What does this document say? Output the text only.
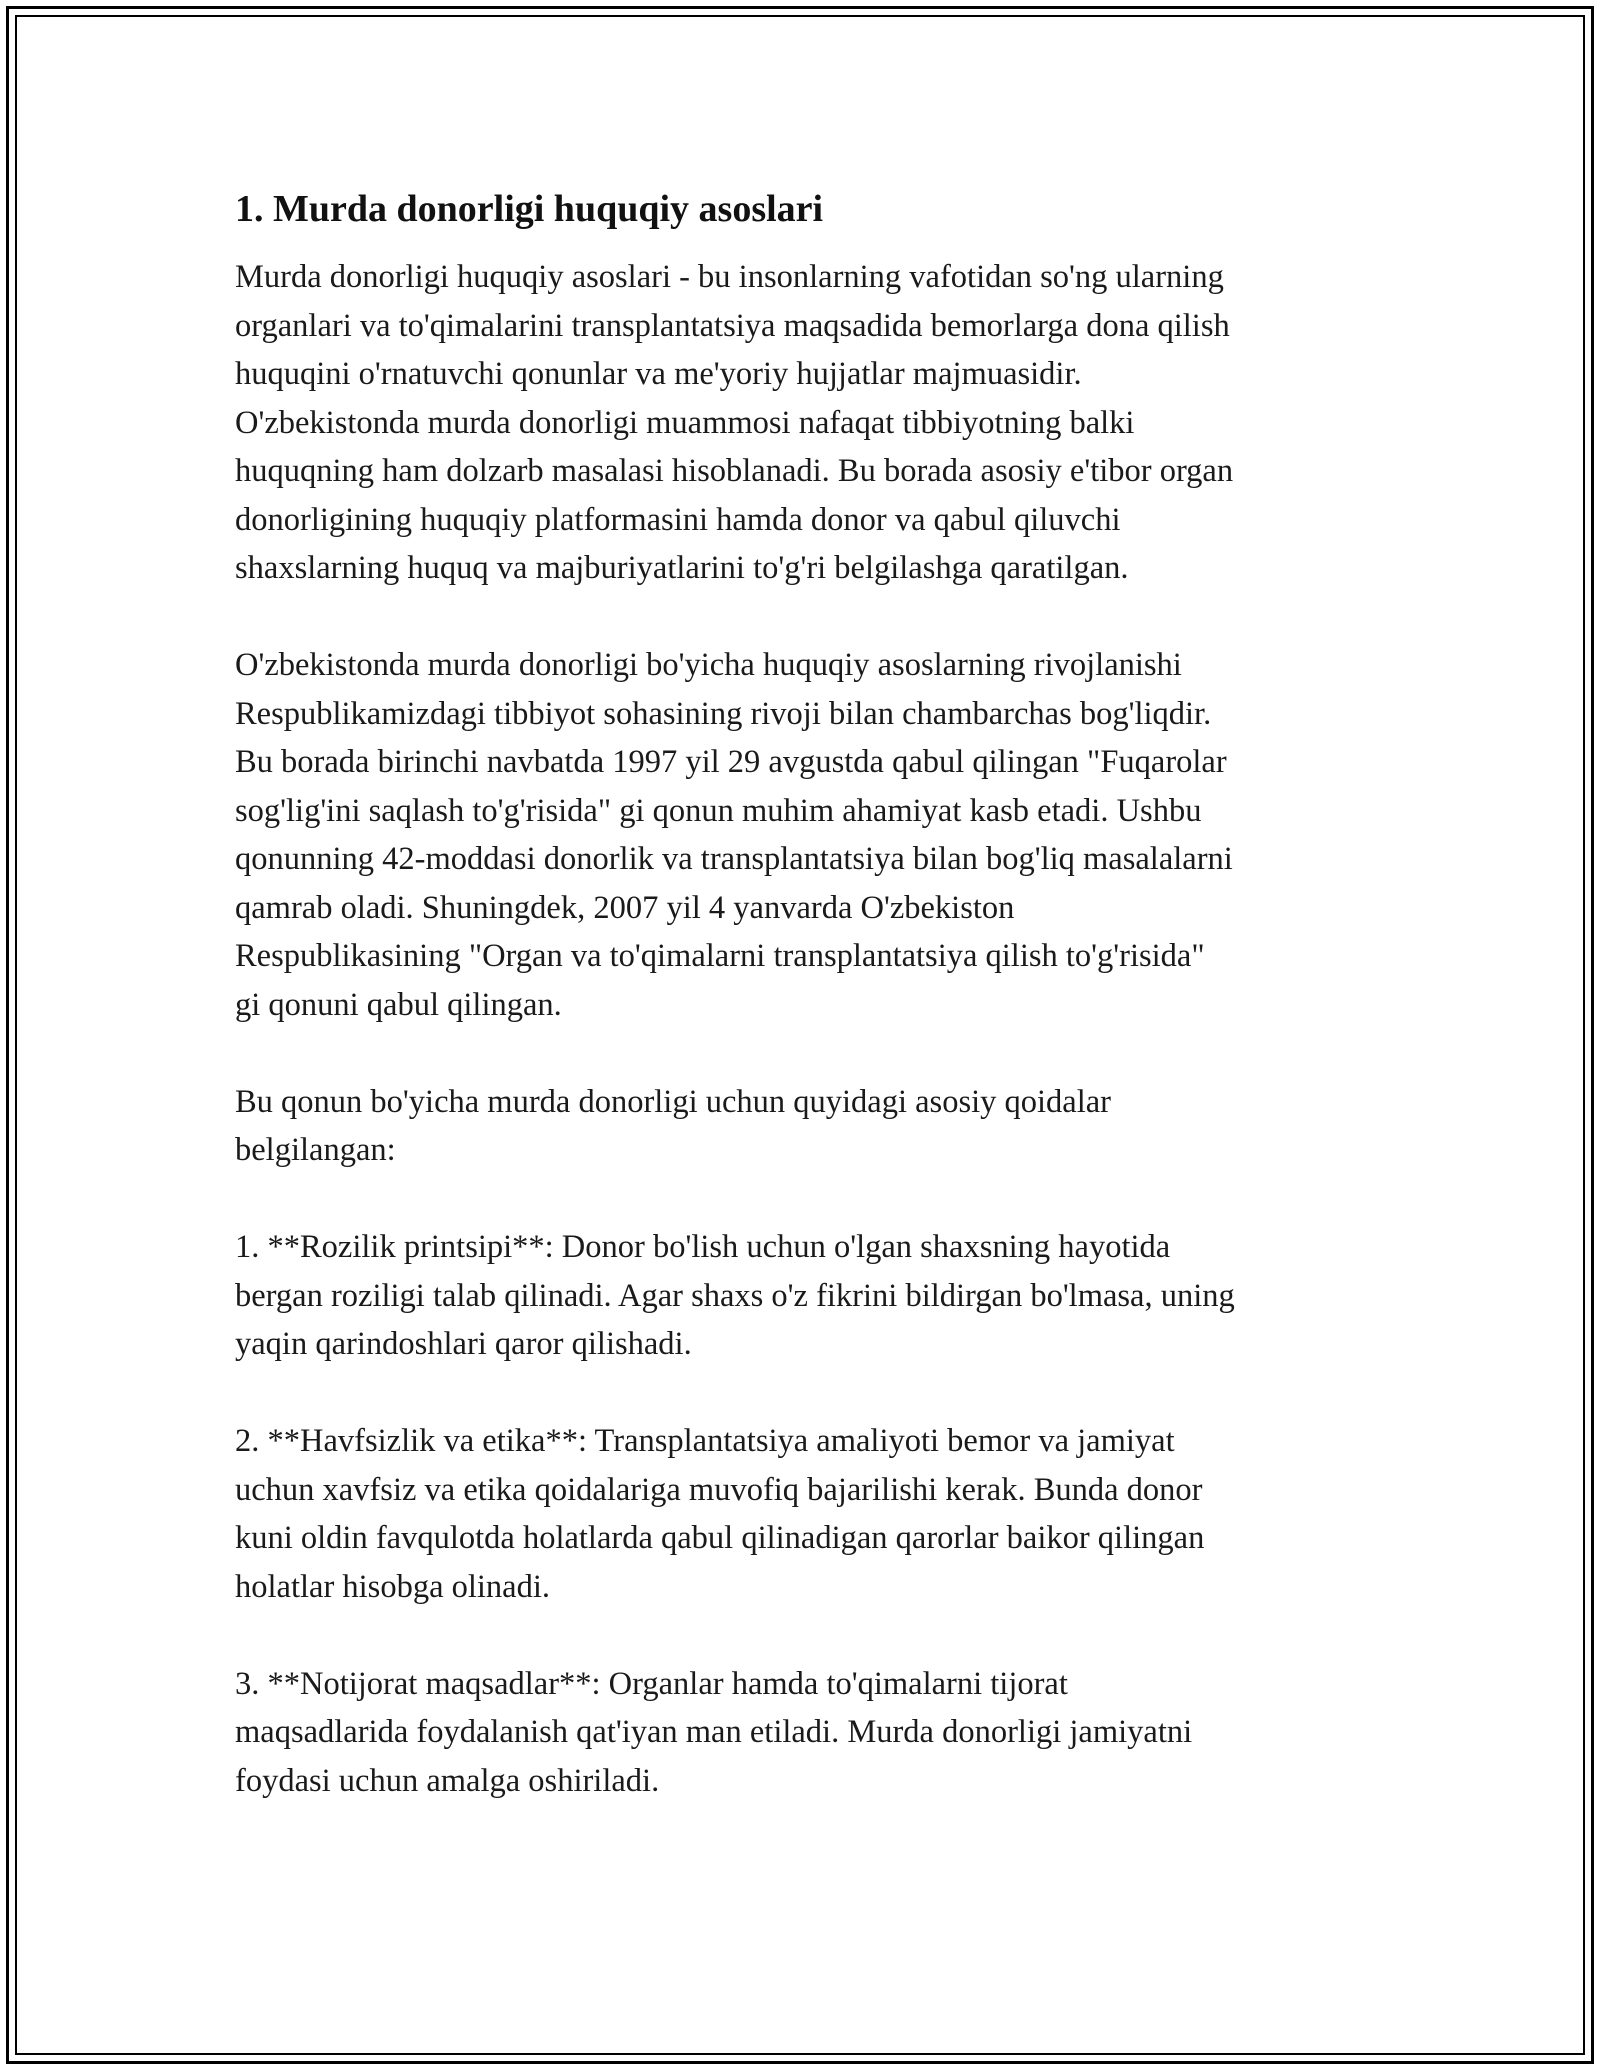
1. Murda donorligi huquqiy asoslari

Murda donorligi huquqiy asoslari - bu insonlarning vafotidan so'ng ularning
organlari va to'qimalarini transplantatsiya maqsadida bemorlarga dona qilish
huquqini o'rnatuvchi qonunlar va me'yoriy hujjatlar majmuasidir.
O'zbekistonda murda donorligi muammosi nafaqat tibbiyotning balki
huquqning ham dolzarb masalasi hisoblanadi. Bu borada asosiy e'tibor organ
donorligining huquqiy platformasini hamda donor va qabul qiluvchi
shaxslarning huquq va majburiyatlarini to'g'ri belgilashga qaratilgan.

O'zbekistonda murda donorligi bo'yicha huquqiy asoslarning rivojlanishi
Respublikamizdagi tibbiyot sohasining rivoji bilan chambarchas bog'liqdir.
Bu borada birinchi navbatda 1997 yil 29 avgustda qabul qilingan "Fuqarolar
sog'lig'ini saqlash to'g'risida" gi qonun muhim ahamiyat kasb etadi. Ushbu
qonunning 42-moddasi donorlik va transplantatsiya bilan bog'liq masalalarni
qamrab oladi. Shuningdek, 2007 yil 4 yanvarda O'zbekiston
Respublikasining "Organ va to'qimalarni transplantatsiya qilish to'g'risida"
gi qonuni qabul qilingan.

Bu qonun bo'yicha murda donorligi uchun quyidagi asosiy qoidalar
belgilangan:

1. **Rozilik printsipi**: Donor bo'lish uchun o'lgan shaxsning hayotida
bergan roziligi talab qilinadi. Agar shaxs o'z fikrini bildirgan bo'lmasa, uning
yaqin qarindoshlari qaror qilishadi.

2. **Havfsizlik va etika**: Transplantatsiya amaliyoti bemor va jamiyat
uchun xavfsiz va etika qoidalariga muvofiq bajarilishi kerak. Bunda donor
kuni oldin favqulotda holatlarda qabul qilinadigan qarorlar baikor qilingan
holatlar hisobga olinadi.

3. **Notijorat maqsadlar**: Organlar hamda to'qimalarni tijorat
maqsadlarida foydalanish qat'iyan man etiladi. Murda donorligi jamiyatni
foydasi uchun amalga oshiriladi.
